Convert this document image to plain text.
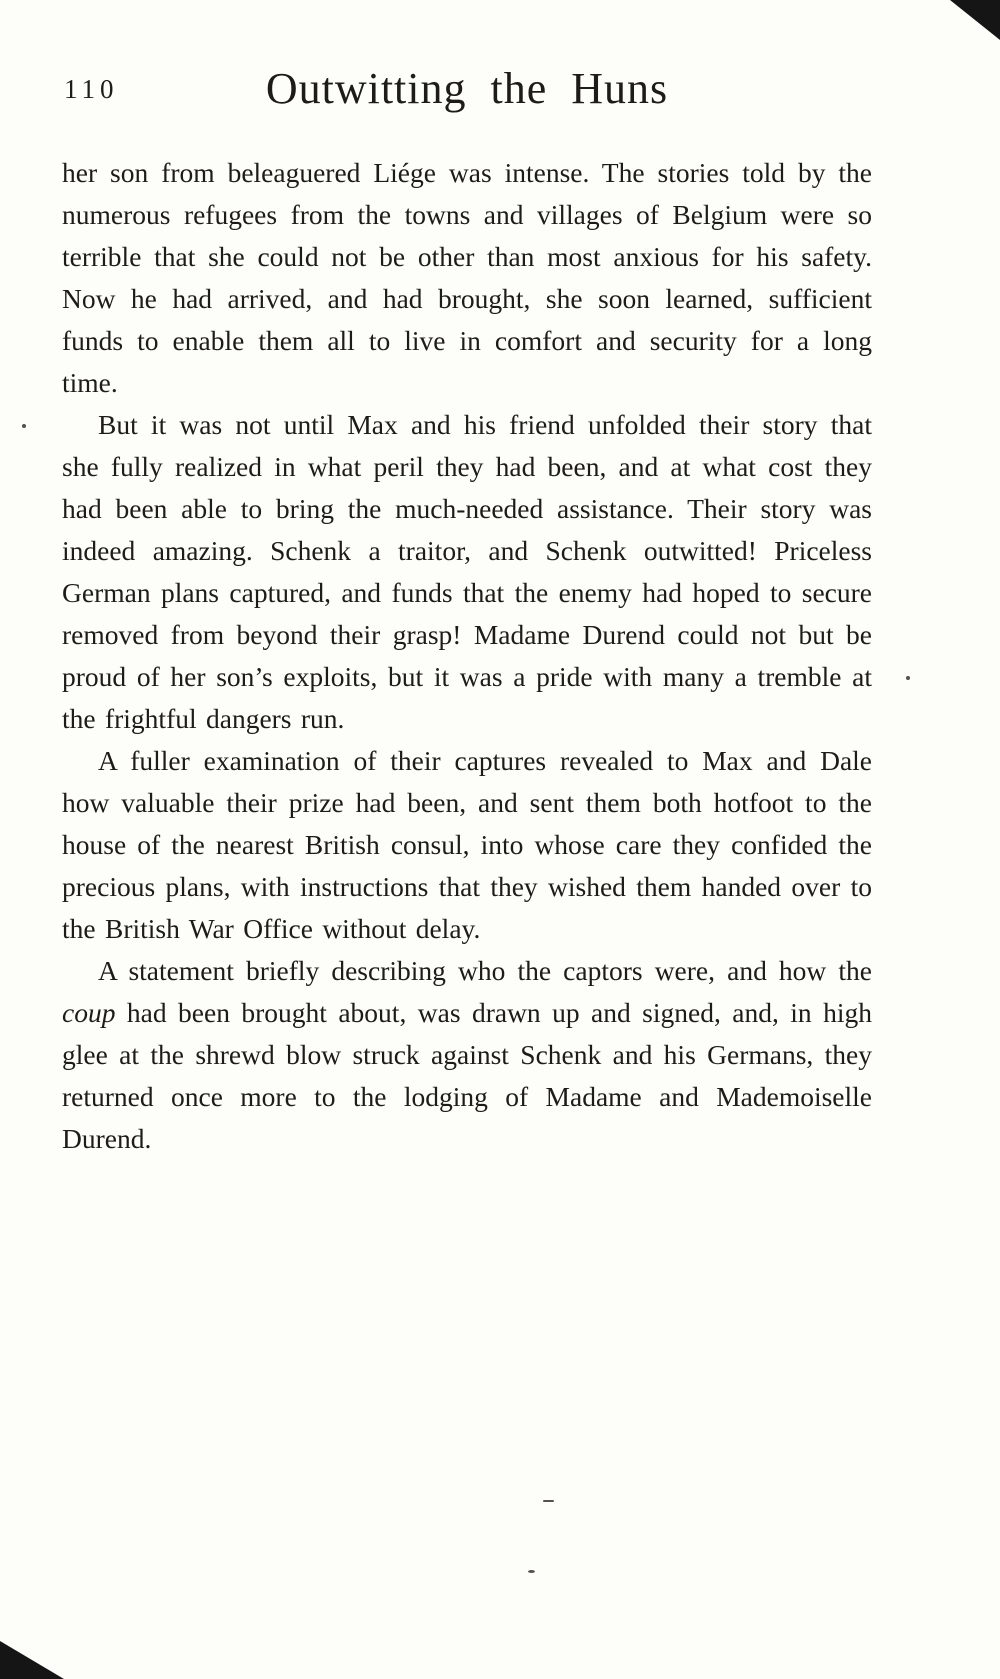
110	Outwitting the Huns

her son from beleaguered Liége was intense. The stories told by the numerous refugees from the towns and villages of Belgium were so terrible that she could not be other than most anxious for his safety. Now he had arrived, and had brought, she soon learned, sufficient funds to enable them all to live in comfort and security for a long time.

But it was not until Max and his friend unfolded their story that she fully realized in what peril they had been, and at what cost they had been able to bring the much-needed assistance. Their story was indeed amazing. Schenk a traitor, and Schenk outwitted! Priceless German plans captured, and funds that the enemy had hoped to secure removed from beyond their grasp! Madame Durend could not but be proud of her son’s exploits, but it was a pride with many a tremble at the frightful dangers run.

A fuller examination of their captures revealed to Max and Dale how valuable their prize had been, and sent them both hotfoot to the house of the nearest British consul, into whose care they confided the precious plans, with instructions that they wished them handed over to the British War Office without delay.

A statement briefly describing who the captors were, and how the coup had been brought about, was drawn up and signed, and, in high glee at the shrewd blow struck against Schenk and his Germans, they returned once more to the lodging of Madame and Mademoiselle Durend.
